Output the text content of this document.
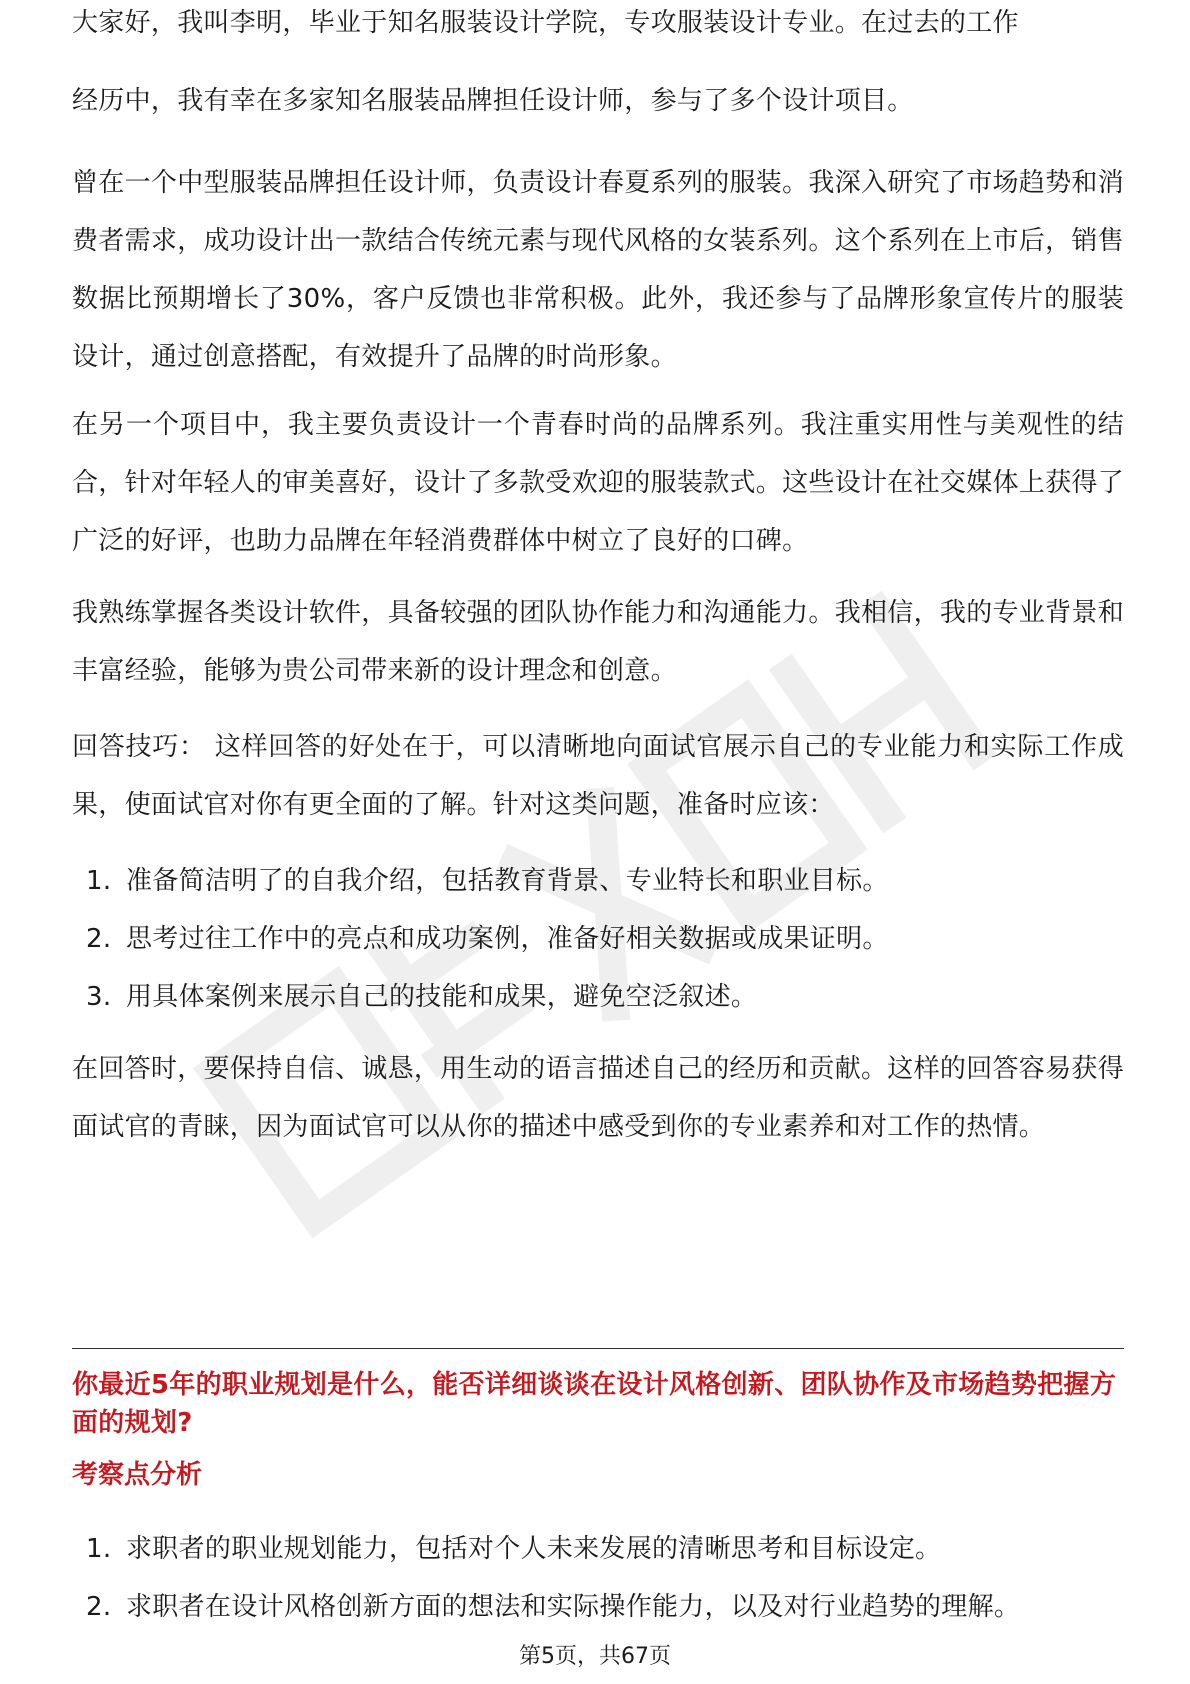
大家好，我叫李明，毕业于知名服装设计学院，专攻服装设计专业。在过去的工作

经历中，我有幸在多家知名服装品牌担任设计师，参与了多个设计项目。

曾在一个中型服装品牌担任设计师，负责设计春夏系列的服装。我深入研究了市场趋势和消费者需求，成功设计出一款结合传统元素与现代风格的女装系列。这个系列在上市后，销售数据比预期增长了30%，客户反馈也非常积极。此外，我还参与了品牌形象宣传片的服装设计，通过创意搭配，有效提升了品牌的时尚形象。

在另一个项目中，我主要负责设计一个青春时尚的品牌系列。我注重实用性与美观性的结合，针对年轻人的审美喜好，设计了多款受欢迎的服装款式。这些设计在社交媒体上获得了广泛的好评，也助力品牌在年轻消费群体中树立了良好的口碑。

我熟练掌握各类设计软件，具备较强的团队协作能力和沟通能力。我相信，我的专业背景和丰富经验，能够为贵公司带来新的设计理念和创意。

回答技巧： 这样回答的好处在于，可以清晰地向面试官展示自己的专业能力和实际工作成果，使面试官对你有更全面的了解。针对这类问题，准备时应该：

1. 准备简洁明了的自我介绍，包括教育背景、专业特长和职业目标。
2. 思考过往工作中的亮点和成功案例，准备好相关数据或成果证明。
3. 用具体案例来展示自己的技能和成果，避免空泛叙述。

在回答时，要保持自信、诚恳，用生动的语言描述自己的经历和贡献。这样的回答容易获得面试官的青睐，因为面试官可以从你的描述中感受到你的专业素养和对工作的热情。

你最近5年的职业规划是什么，能否详细谈谈在设计风格创新、团队协作及市场趋势把握方面的规划?

考察点分析

1. 求职者的职业规划能力，包括对个人未来发展的清晰思考和目标设定。
2. 求职者在设计风格创新方面的想法和实际操作能力，以及对行业趋势的理解。
第5页，共67页
